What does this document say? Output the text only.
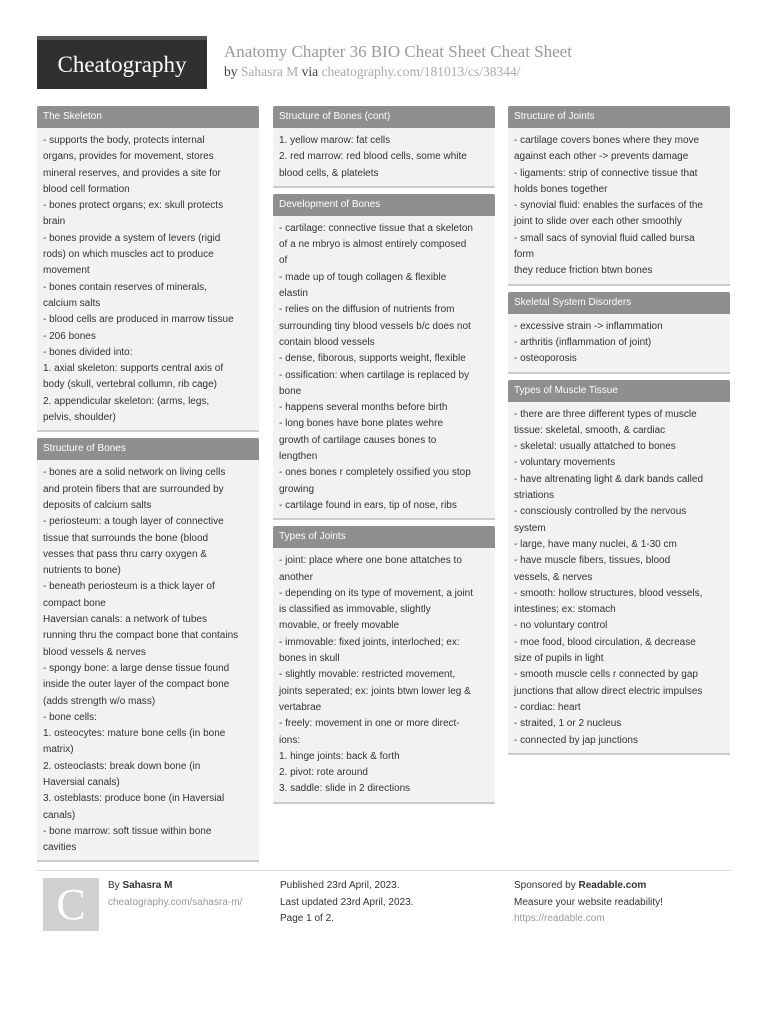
Cheatography Anatomy Chapter 36 BIO Cheat Sheet Cheat Sheet
by Sahasra M via cheatography.com/181013/cs/38344/
The Skeleton
- supports the body, protects internal
organs, provides for movement, stores
mineral reserves, and provides a site for
blood cell formation
- bones protect organs; ex: skull protects
brain
- bones provide a system of levers (rigid
rods) on which muscles act to produce
movement
- bones contain reserves of minerals,
calcium salts
- blood cells are produced in marrow tissue
- 206 bones
- bones divided into:
1. axial skeleton: supports central axis of
body (skull, vertebral collumn, rib cage)
2. appendicular skeleton: (arms, legs,
pelvis, shoulder)
Structure of Bones
- bones are a solid network on living cells
and protein fibers that are surrounded by
deposits of calcium salts
- periosteum: a tough layer of connective
tissue that surrounds the bone (blood
vesses that pass thru carry oxygen &
nutrients to bone)
- beneath periosteum is a thick layer of
compact bone
Haversian canals: a network of tubes
running thru the compact bone that contains
blood vessels & nerves
- spongy bone: a large dense tissue found
inside the outer layer of the compact bone
(adds strength w/o mass)
- bone cells:
1. osteocytes: mature bone cells (in bone
matrix)
2. osteoclasts: break down bone (in
Haversial canals)
3. osteblasts: produce bone (in Haversial
canals)
- bone marrow: soft tissue within bone
cavities
Structure of Bones (cont)
1. yellow marow: fat cells
2. red marrow: red blood cells, some white
blood cells, & platelets
Development of Bones
- cartilage: connective tissue that a skeleton
of a ne mbryo is almost entirely composed
of
- made up of tough collagen & flexible
elastin
- relies on the diffusion of nutrients from
surrounding tiny blood vessels b/c does not
contain blood vessels
- dense, fiborous, supports weight, flexible
- ossification: when cartilage is replaced by
bone
- happens several months before birth
- long bones have bone plates wehre
growth of cartilage causes bones to
lengthen
- ones bones r completely ossified you stop
growing
- cartilage found in ears, tip of nose, ribs
Types of Joints
- joint: place where one bone attatches to
another
- depending on its type of movement, a joint
is classified as immovable, slightly
movable, or freely movable
- immovable: fixed joints, interloched; ex:
bones in skull
- slightly movable: restricted movement,
joints seperated; ex: joints btwn lower leg &
vertabrae
- freely: movement in one or more direct-
ions:
1. hinge joints: back & forth
2. pivot: rote around
3. saddle: slide in 2 directions
Structure of Joints
- cartilage covers bones where they move
against each other -> prevents damage
- ligaments: strip of connective tissue that
holds bones together
- synovial fluid: enables the surfaces of the
joint to slide over each other smoothly
- small sacs of synovial fluid called bursa
form
they reduce friction btwn bones
Skeletal System Disorders
- excessive strain -> inflammation
- arthritis (inflammation of joint)
- osteoporosis
Types of Muscle Tissue
- there are three different types of muscle
tissue: skeletal, smooth, & cardiac
- skeletal: usually attatched to bones
- voluntary movements
- have altrenating light & dark bands called
striations
- consciously controlled by the nervous
system
- large, have many nuclei, & 1-30 cm
- have muscle fibers, tissues, blood
vessels, & nerves
- smooth: hollow structures, blood vessels,
intestines; ex: stomach
- no voluntary control
- moe food, blood circulation, & decrease
size of pupils in light
- smooth muscle cells r connected by gap
junctions that allow direct electric impulses
- cordiac: heart
- straited, 1 or 2 nucleus
- connected by jap junctions
C By Sahasra M
cheatography.com/sahasra-m/
Published 23rd April, 2023.
Last updated 23rd April, 2023.
Page 1 of 2.
Sponsored by Readable.com
Measure your website readability!
https://readable.com
